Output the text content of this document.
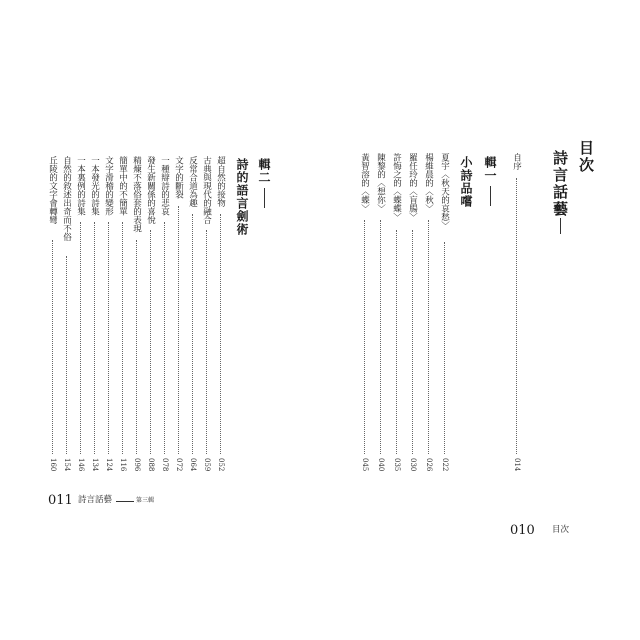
目次
詩言話藝
自序
014
輯一
小詩品嚐
夏宇〈秋天的哀愁〉
022
楊維晨的〈秋〉
026
羅任玲的〈盲腸〉
030
許悔之的〈蝶蝶〉
035
陳黎的〈想你〉
040
黃智溶的〈蝶〉
045
010 目次
輯二
詩的語言劍術
超自然的接物
052
古典與現代的融合
059
反常合道為趣
064
文字的斷裂
072
一種辯詩的悲哀
078
發生新關係的喜悅
088
精煉不落俗套的表現
096
簡單中的不簡單
116
文字滑稽的變形
124
一本發光的詩集
134
一本裏例的詩集
146
自然的敘述出奇而不俗
154
丘陵的文字會轉彎
160
011 詩言話藝	第三輯
